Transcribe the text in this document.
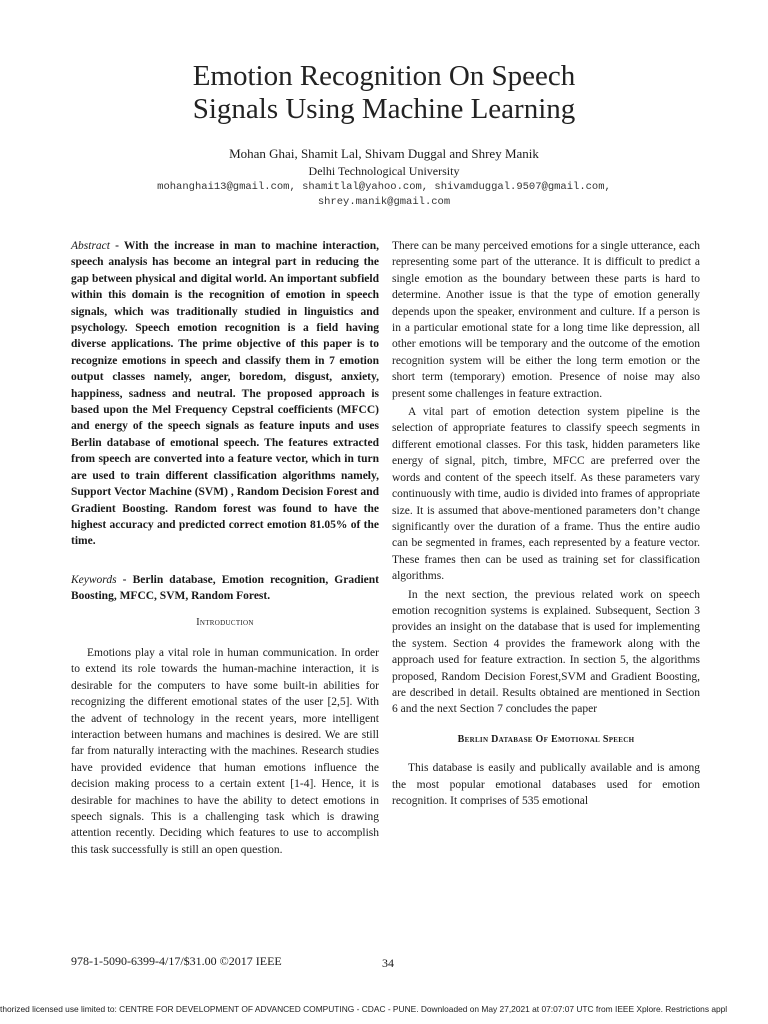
Emotion Recognition On Speech
Signals Using Machine Learning
Mohan Ghai, Shamit Lal, Shivam Duggal and Shrey Manik
Delhi Technological University
mohanghai13@gmail.com, shamitlal@yahoo.com, shivamduggal.9507@gmail.com,
shrey.manik@gmail.com

Abstract - With the increase in man to machine interaction, speech analysis has become an integral part in reducing the gap between physical and digital world. An important subfield within this domain is the recognition of emotion in speech signals, which was traditionally studied in linguistics and psychology. Speech emotion recognition is a field having diverse applications. The prime objective of this paper is to recognize emotions in speech and classify them in 7 emotion output classes namely, anger, boredom, disgust, anxiety, happiness, sadness and neutral. The proposed approach is based upon the Mel Frequency Cepstral coefficients (MFCC) and energy of the speech signals as feature inputs and uses Berlin database of emotional speech. The features extracted from speech are converted into a feature vector, which in turn are used to train different classification algorithms namely, Support Vector Machine (SVM) , Random Decision Forest and Gradient Boosting. Random forest was found to have the highest accuracy and predicted correct emotion 81.05% of the time.

Keywords - Berlin database, Emotion recognition, Gradient Boosting, MFCC, SVM, Random Forest.

Introduction

Emotions play a vital role in human communication. In order to extend its role towards the human-machine interaction, it is desirable for the computers to have some built-in abilities for recognizing the different emotional states of the user [2,5]. With the advent of technology in the recent years, more intelligent interaction between humans and machines is desired. We are still far from naturally interacting with the machines. Research studies have provided evidence that human emotions influence the decision making process to a certain extent [1-4]. Hence, it is desirable for machines to have the ability to detect emotions in speech signals. This is a challenging task which is drawing attention recently. Deciding which features to use to accomplish this task successfully is still an open question.

There can be many perceived emotions for a single utterance, each representing some part of the utterance. It is difficult to predict a single emotion as the boundary between these parts is hard to determine. Another issue is that the type of emotion generally depends upon the speaker, environment and culture. If a person is in a particular emotional state for a long time like depression, all other emotions will be temporary and the outcome of the emotion recognition system will be either the long term emotion or the short term (temporary) emotion. Presence of noise may also present some challenges in feature extraction.

A vital part of emotion detection system pipeline is the selection of appropriate features to classify speech segments in different emotional classes. For this task, hidden parameters like energy of signal, pitch, timbre, MFCC are preferred over the words and content of the speech itself. As these parameters vary continuously with time, audio is divided into frames of appropriate size. It is assumed that above-mentioned parameters don’t change significantly over the duration of a frame. Thus the entire audio can be segmented in frames, each represented by a feature vector. These frames then can be used as training set for classification algorithms.

In the next section, the previous related work on speech emotion recognition systems is explained. Subsequent, Section 3 provides an insight on the database that is used for implementing the system. Section 4 provides the framework along with the approach used for feature extraction. In section 5, the algorithms proposed, Random Decision Forest,SVM and Gradient Boosting, are described in detail. Results obtained are mentioned in Section 6 and the next Section 7 concludes the paper

Berlin Database Of Emotional Speech

This database is easily and publically available and is among the most popular emotional databases used for emotion recognition. It comprises of 535 emotional

978-1-5090-6399-4/17/$31.00 ©2017 IEEE	34
thorized licensed use limited to: CENTRE FOR DEVELOPMENT OF ADVANCED COMPUTING - CDAC - PUNE. Downloaded on May 27,2021 at 07:07:07 UTC from IEEE Xplore. Restrictions appl
